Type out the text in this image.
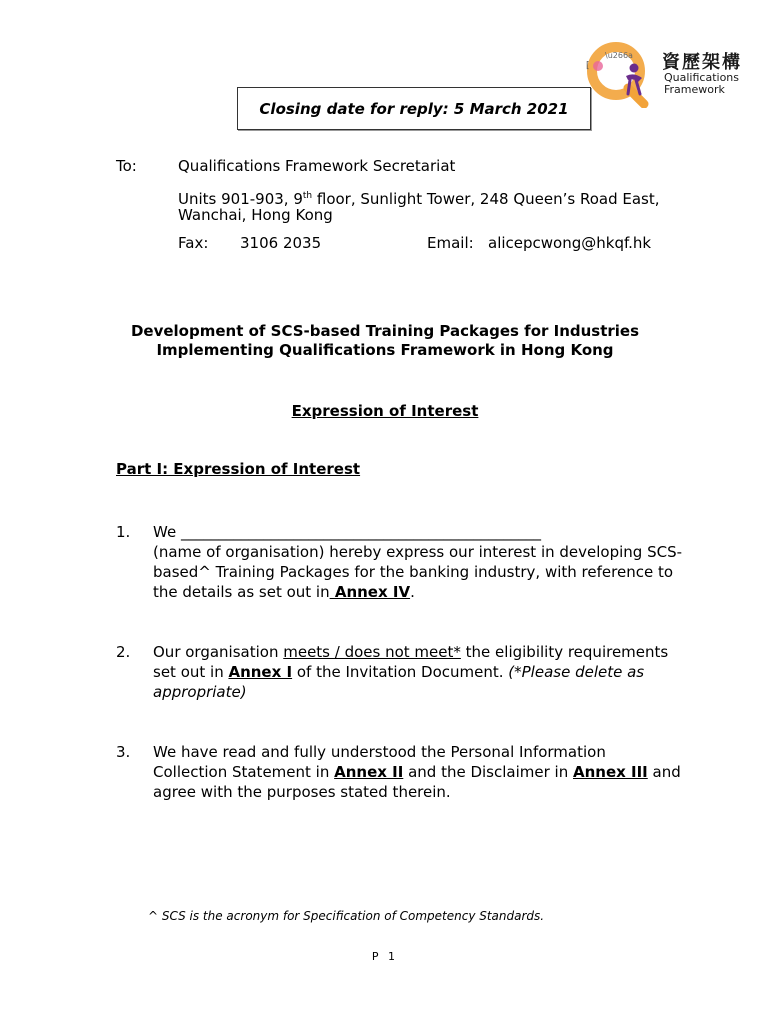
[
\u266a 資歷架構
Qualifications
Framework
Closing date for reply: 5 March 2021
To:	Qualifications Framework Secretariat
Units 901-903, 9th floor, Sunlight Tower, 248 Queen’s Road East,
Wanchai, Hong Kong
Fax: 3106 2035	Email: alicepcwong@hkqf.hk
Development of SCS-based Training Packages for Industries
Implementing Qualifications Framework in Hong Kong
Expression of Interest
Part I: Expression of Interest
1. We ________________________________________________
(name of organisation) hereby express our interest in developing SCS-
based^ Training Packages for the banking industry, with reference to
the details as set out in Annex IV.
2. Our organisation meets / does not meet* the eligibility requirements
set out in Annex I of the Invitation Document. (*Please delete as
appropriate)
3. We have read and fully understood the Personal Information
Collection Statement in Annex II and the Disclaimer in Annex III and
agree with the purposes stated therein.
^ SCS is the acronym for Specification of Competency Standards.
P 1
